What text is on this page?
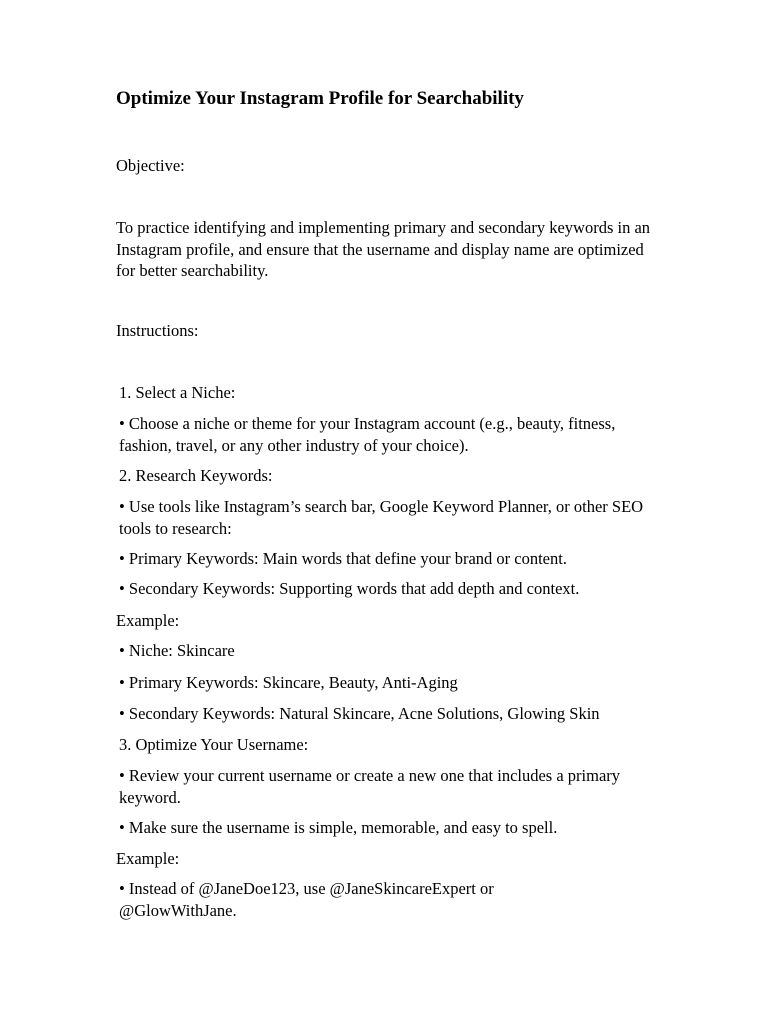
Optimize Your Instagram Profile for Searchability

Objective:

To practice identifying and implementing primary and secondary keywords in an Instagram profile, and ensure that the username and display name are optimized for better searchability.

Instructions:

1. Select a Niche:

• Choose a niche or theme for your Instagram account (e.g., beauty, fitness, fashion, travel, or any other industry of your choice).

2. Research Keywords:

• Use tools like Instagram’s search bar, Google Keyword Planner, or other SEO tools to research:

• Primary Keywords: Main words that define your brand or content.

• Secondary Keywords: Supporting words that add depth and context.

Example:

• Niche: Skincare

• Primary Keywords: Skincare, Beauty, Anti-Aging

• Secondary Keywords: Natural Skincare, Acne Solutions, Glowing Skin

3. Optimize Your Username:

• Review your current username or create a new one that includes a primary keyword.

• Make sure the username is simple, memorable, and easy to spell.

Example:

• Instead of @JaneDoe123, use @JaneSkincareExpert or @GlowWithJane.
